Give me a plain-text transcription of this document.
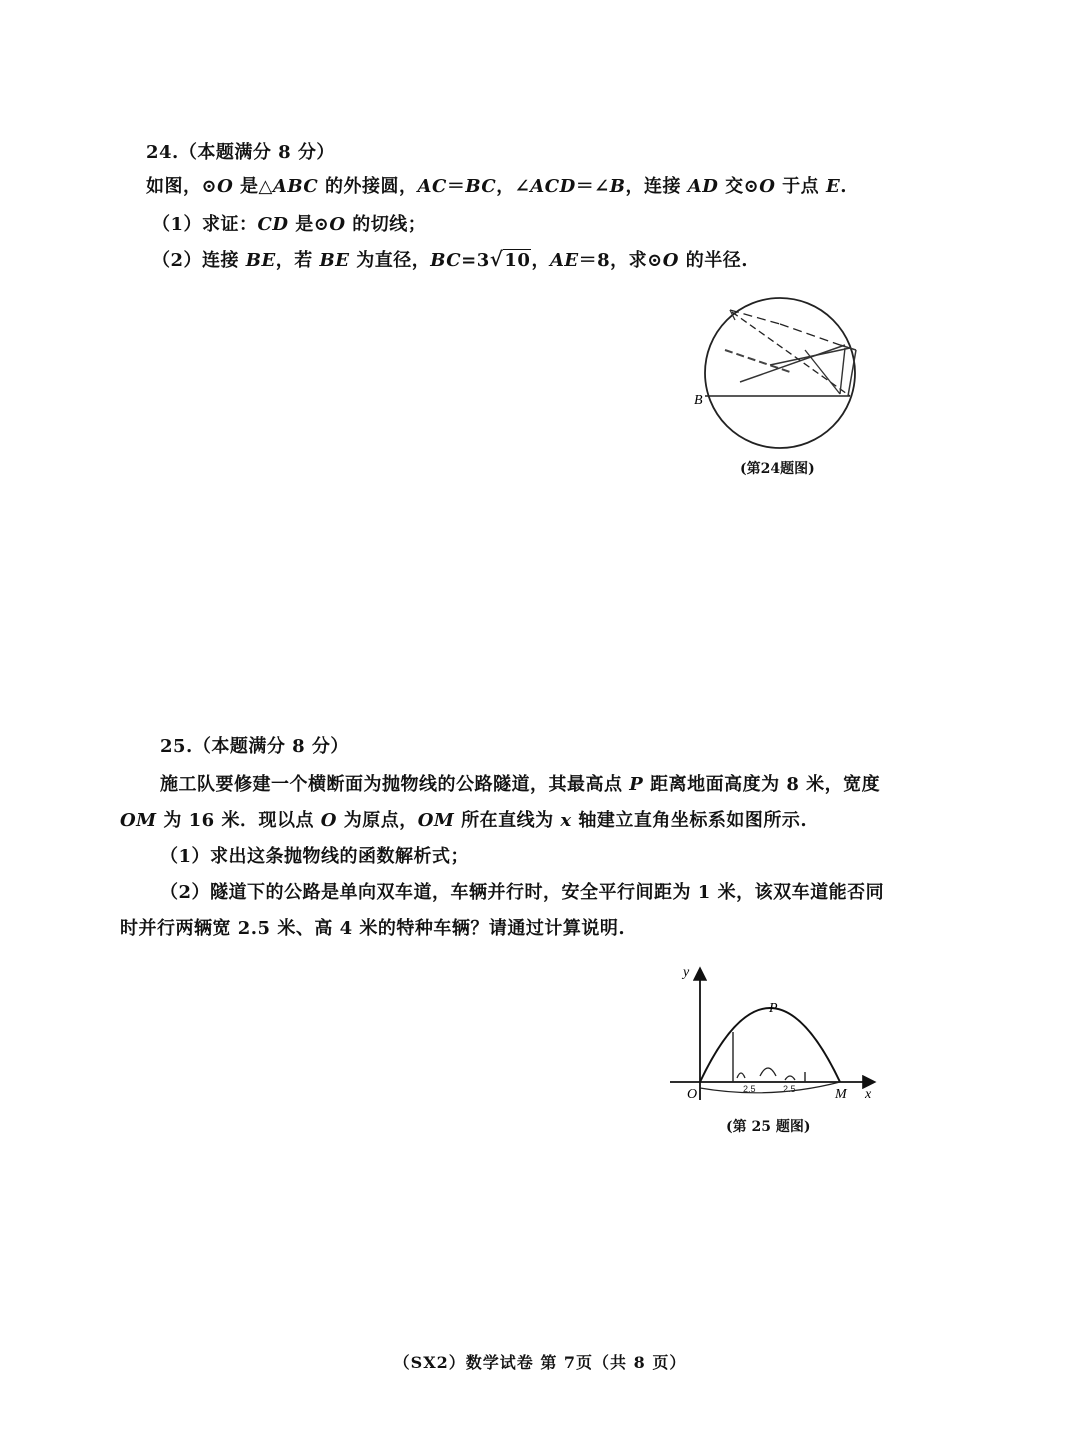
24.（本题满分 8 分）
如图，⊙O 是△ABC 的外接圆，AC＝BC，∠ACD＝∠B，连接 AD 交⊙O 于点 E.
（1）求证：CD 是⊙O 的切线；
（2）连接 BE，若 BE 为直径，BC=3√10，AE＝8，求⊙O 的半径.
B
(第24题图)
25.（本题满分 8 分）
施工队要修建一个横断面为抛物线的公路隧道，其最高点 P 距离地面高度为 8 米，宽度
OM 为 16 米．现以点 O 为原点，OM 所在直线为 x 轴建立直角坐标系如图所示.
（1）求出这条抛物线的函数解析式；
（2）隧道下的公路是单向双车道，车辆并行时，安全平行间距为 1 米，该双车道能否同
时并行两辆宽 2.5 米、高 4 米的特种车辆？请通过计算说明.
2.5	2.5
y
x
P
O	M
(第 25 题图)
（SX2）数学试卷 第 7页（共 8 页）
